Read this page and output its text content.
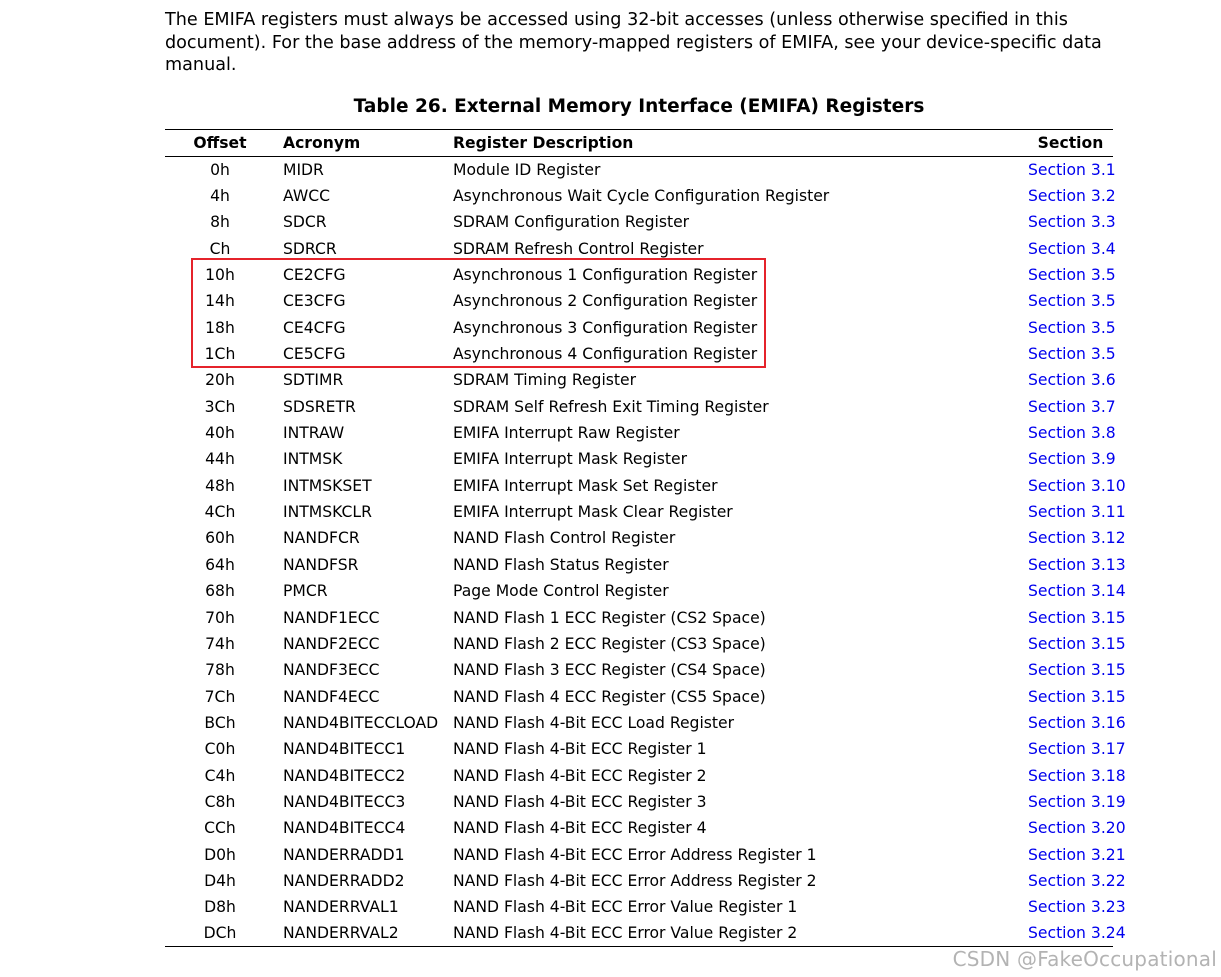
The EMIFA registers must always be accessed using 32-bit accesses (unless otherwise specified in this document). For the base address of the memory-mapped registers of EMIFA, see your device-specific data manual.

Table 26. External Memory Interface (EMIFA) Registers

Offset	Acronym	Register Description	Section
0h	MIDR	Module ID Register	Section 3.1
4h	AWCC	Asynchronous Wait Cycle Configuration Register	Section 3.2
8h	SDCR	SDRAM Configuration Register	Section 3.3
Ch	SDRCR	SDRAM Refresh Control Register	Section 3.4
10h	CE2CFG	Asynchronous 1 Configuration Register	Section 3.5
14h	CE3CFG	Asynchronous 2 Configuration Register	Section 3.5
18h	CE4CFG	Asynchronous 3 Configuration Register	Section 3.5
1Ch	CE5CFG	Asynchronous 4 Configuration Register	Section 3.5
20h	SDTIMR	SDRAM Timing Register	Section 3.6
3Ch	SDSRETR	SDRAM Self Refresh Exit Timing Register	Section 3.7
40h	INTRAW	EMIFA Interrupt Raw Register	Section 3.8
44h	INTMSK	EMIFA Interrupt Mask Register	Section 3.9
48h	INTMSKSET	EMIFA Interrupt Mask Set Register	Section 3.10
4Ch	INTMSKCLR	EMIFA Interrupt Mask Clear Register	Section 3.11
60h	NANDFCR	NAND Flash Control Register	Section 3.12
64h	NANDFSR	NAND Flash Status Register	Section 3.13
68h	PMCR	Page Mode Control Register	Section 3.14
70h	NANDF1ECC	NAND Flash 1 ECC Register (CS2 Space)	Section 3.15
74h	NANDF2ECC	NAND Flash 2 ECC Register (CS3 Space)	Section 3.15
78h	NANDF3ECC	NAND Flash 3 ECC Register (CS4 Space)	Section 3.15
7Ch	NANDF4ECC	NAND Flash 4 ECC Register (CS5 Space)	Section 3.15
BCh	NAND4BITECCLOAD	NAND Flash 4-Bit ECC Load Register	Section 3.16
C0h	NAND4BITECC1	NAND Flash 4-Bit ECC Register 1	Section 3.17
C4h	NAND4BITECC2	NAND Flash 4-Bit ECC Register 2	Section 3.18
C8h	NAND4BITECC3	NAND Flash 4-Bit ECC Register 3	Section 3.19
CCh	NAND4BITECC4	NAND Flash 4-Bit ECC Register 4	Section 3.20
D0h	NANDERRADD1	NAND Flash 4-Bit ECC Error Address Register 1	Section 3.21
D4h	NANDERRADD2	NAND Flash 4-Bit ECC Error Address Register 2	Section 3.22
D8h	NANDERRVAL1	NAND Flash 4-Bit ECC Error Value Register 1	Section 3.23
DCh	NANDERRVAL2	NAND Flash 4-Bit ECC Error Value Register 2	Section 3.24
CSDN @FakeOccupational
